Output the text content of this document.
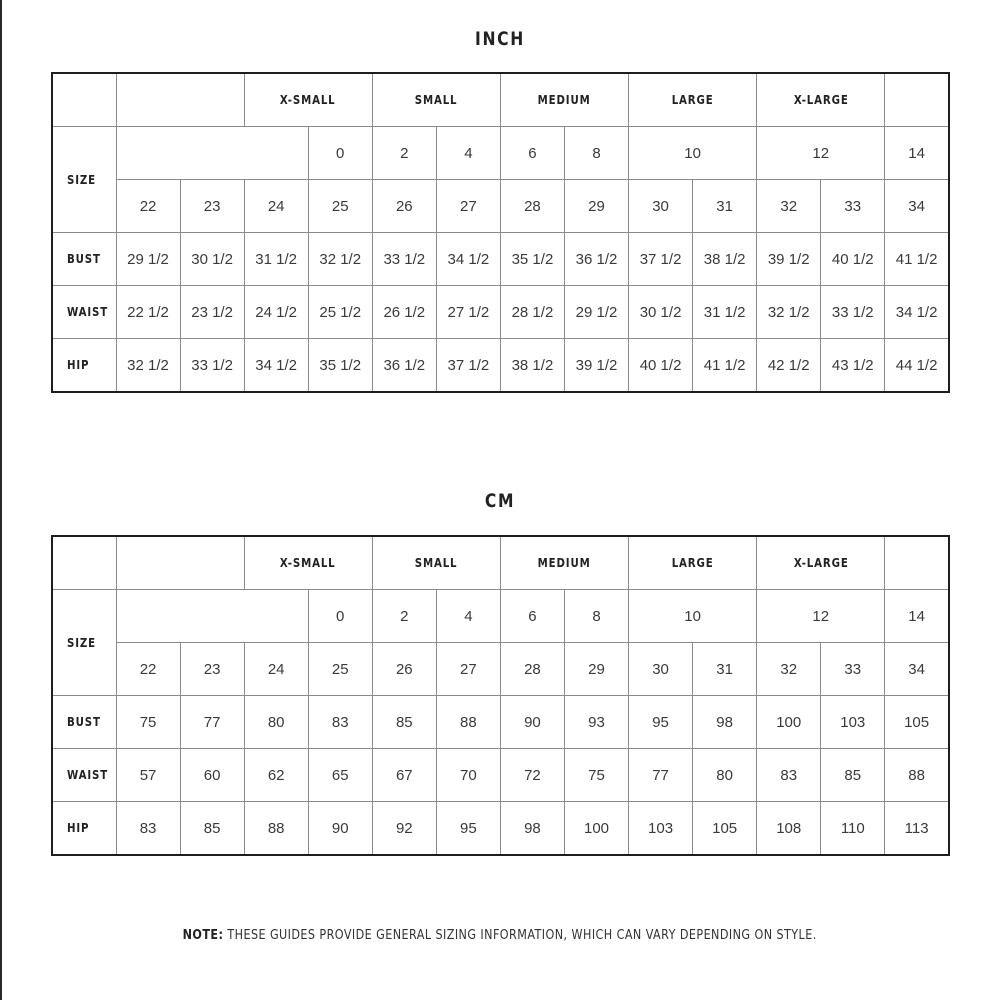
INCH
			X-SMALL		SMALL		MEDIUM		LARGE		X-LARGE		
SIZE				0	2	4	6	8	10		12		14
	22	23	24	25	26	27	28	29	30	31	32	33	34
BUST	29 1/2	30 1/2	31 1/2	32 1/2	33 1/2	34 1/2	35 1/2	36 1/2	37 1/2	38 1/2	39 1/2	40 1/2	41 1/2
WAIST	22 1/2	23 1/2	24 1/2	25 1/2	26 1/2	27 1/2	28 1/2	29 1/2	30 1/2	31 1/2	32 1/2	33 1/2	34 1/2
HIP	32 1/2	33 1/2	34 1/2	35 1/2	36 1/2	37 1/2	38 1/2	39 1/2	40 1/2	41 1/2	42 1/2	43 1/2	44 1/2
CM
			X-SMALL		SMALL		MEDIUM		LARGE		X-LARGE		
SIZE				0	2	4	6	8	10		12		14
	22	23	24	25	26	27	28	29	30	31	32	33	34
BUST	75	77	80	83	85	88	90	93	95	98	100	103	105
WAIST	57	60	62	65	67	70	72	75	77	80	83	85	88
HIP	83	85	88	90	92	95	98	100	103	105	108	110	113
NOTE: THESE GUIDES PROVIDE GENERAL SIZING INFORMATION, WHICH CAN VARY DEPENDING ON STYLE.
